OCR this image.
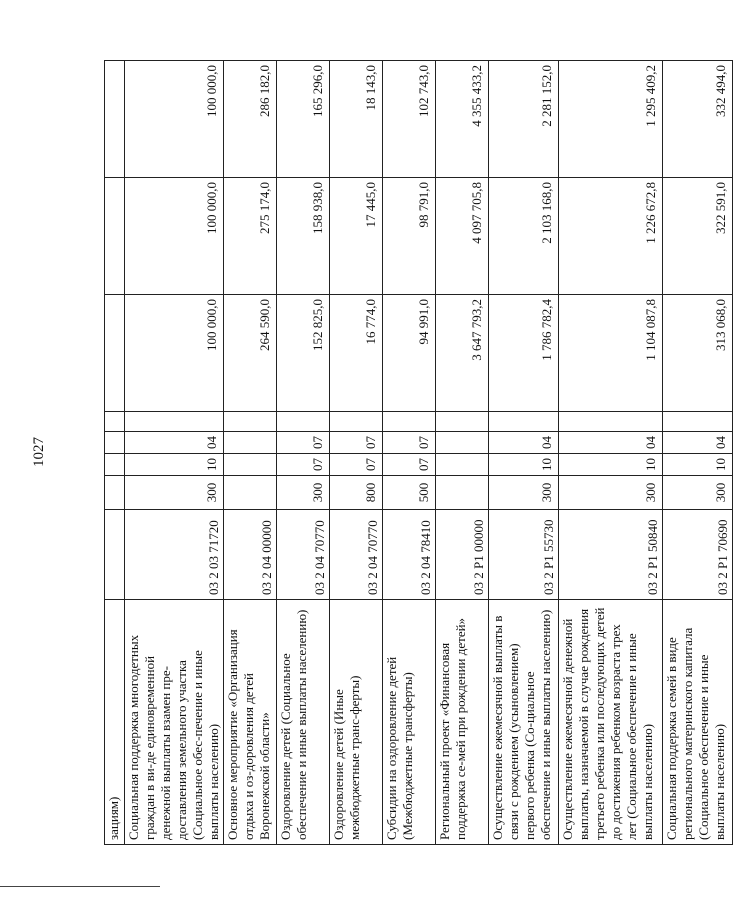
1027
зациям)								
Социальная поддержка многодетных граждан в ви-де единовременной денежной выплаты взамен пре-доставления земельного участка (Социальное обес-печение и иные выплаты населению)	03 2 03 71720	300	10	04		100 000,0	100 000,0	100 000,0
Основное мероприятие «Организация отдыха и оз-доровления детей Воронежской области»	03 2 04 00000					264 590,0	275 174,0	286 182,0
Оздоровление детей (Социальное обеспечение и иные выплаты населению)	03 2 04 70770	300	07	07		152 825,0	158 938,0	165 296,0
Оздоровление детей (Иные межбюджетные транс-ферты)	03 2 04 70770	800	07	07		16 774,0	17 445,0	18 143,0
Субсидии на оздоровление детей (Межбюджетные трансферты)	03 2 04 78410	500	07	07		94 991,0	98 791,0	102 743,0
Региональный проект «Финансовая поддержка се-мей при рождении детей»	03 2 P1 00000					3 647 793,2	4 097 705,8	4 355 433,2
Осуществление ежемесячной выплаты в связи с рождением (усыновлением) первого ребенка (Со-циальное обеспечение и иные выплаты населению)	03 2 P1 55730	300	10	04		1 786 782,4	2 103 168,0	2 281 152,0
Осуществление ежемесячной денежной выплаты, назначаемой в случае рождения третьего ребенка или последующих детей до достижения ребенком возраста трех лет (Социальное обеспечение и иные выплаты населению)	03 2 P1 50840	300	10	04		1 104 087,8	1 226 672,8	1 295 409,2
Социальная поддержка семей в виде регионального материнского капитала (Социальное обеспечение и иные выплаты населению)	03 2 P1 70690	300	10	04		313 068,0	322 591,0	332 494,0
